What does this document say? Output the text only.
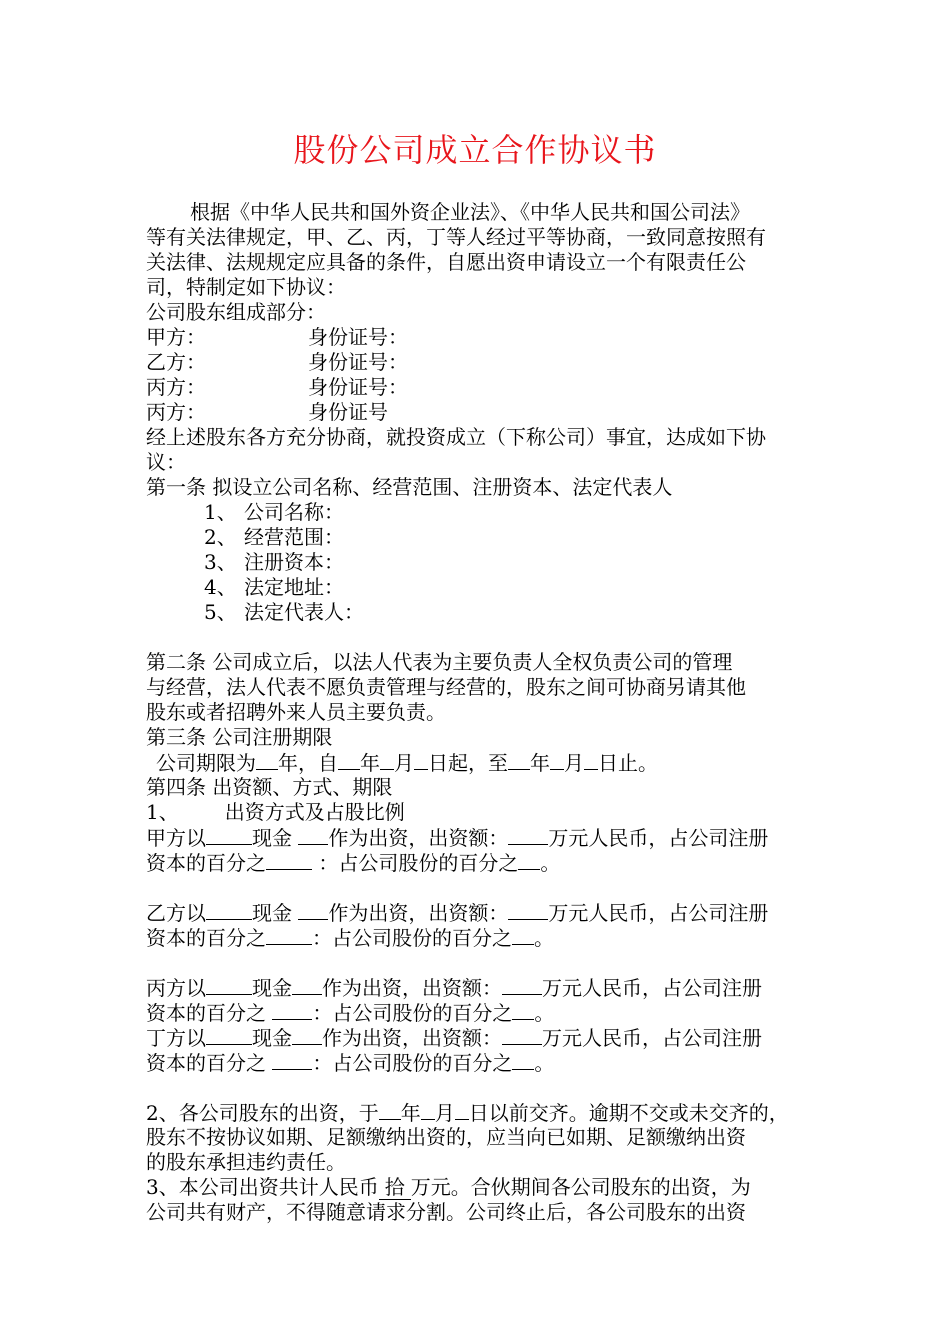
股份公司成立合作协议书
根据《中华人民共和国外资企业法》、《中华人民共和国公司法》
等有关法律规定，甲、乙、丙，丁等人经过平等协商，一致同意按照有
关法律、法规规定应具备的条件，自愿出资申请设立一个有限责任公
司，特制定如下协议：
公司股东组成部分：
甲方：	身份证号：
乙方：	身份证号：
丙方：	身份证号：
丙方：	身份证号
经上述股东各方充分协商，就投资成立（下称公司）事宜，达成如下协
议：
第一条 拟设立公司名称、经营范围、注册资本、法定代表人
1、 公司名称：
2、 经营范围：
3、 注册资本：
4、 法定地址：
5、 法定代表人：
第二条 公司成立后，以法人代表为主要负责人全权负责公司的管理
与经营，法人代表不愿负责管理与经营的，股东之间可协商另请其他
股东或者招聘外来人员主要负责。
第三条 公司注册期限
公司期限为 年，自 年 月 日起，至 年 月 日止。
第四条 出资额、方式、期限
1、 出资方式及占股比例
甲方以 现金 作为出资，出资额： 万元人民币，占公司注册
资本的百分之 ：占公司股份的百分之 。
乙方以 现金 作为出资，出资额： 万元人民币，占公司注册
资本的百分之 ：占公司股份的百分之 。
丙方以 现金 作为出资，出资额： 万元人民币，占公司注册
资本的百分之 ：占公司股份的百分之 。
丁方以 现金 作为出资，出资额： 万元人民币，占公司注册
资本的百分之 ：占公司股份的百分之 。
2、各公司股东的出资，于 年 月 日以前交齐。逾期不交或未交齐的，
股东不按协议如期、足额缴纳出资的，应当向已如期、足额缴纳出资
的股东承担违约责任。
3、本公司出资共计人民币 拾 万元。合伙期间各公司股东的出资，为
公司共有财产，不得随意请求分割。公司终止后，各公司股东的出资
